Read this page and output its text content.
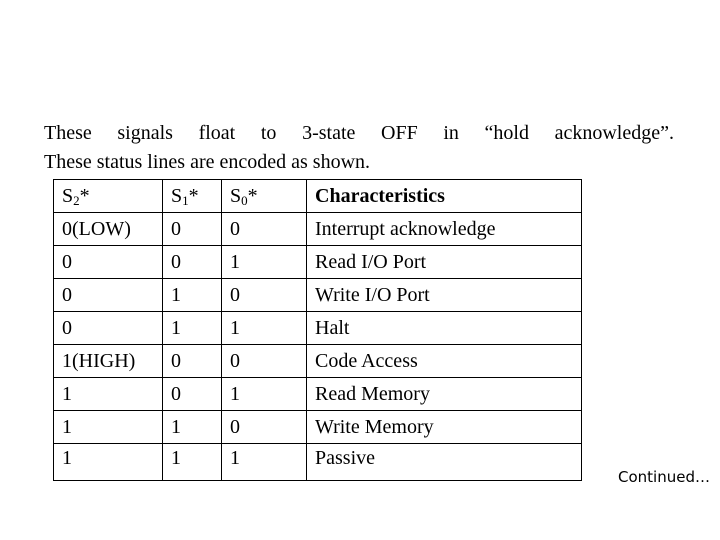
These signals float to 3-state OFF in “hold acknowledge”.

These status lines are encoded as shown.

$S_2*$	$S_1*$	$S_0*$	Characteristics
0(LOW)	0	0	Interrupt acknowledge
0	0	1	Read I/O Port
0	1	0	Write I/O Port
0	1	1	Halt
1(HIGH)	0	0	Code Access
1	0	1	Read Memory
1	1	0	Write Memory
1	1	1	Passive
Continued…
